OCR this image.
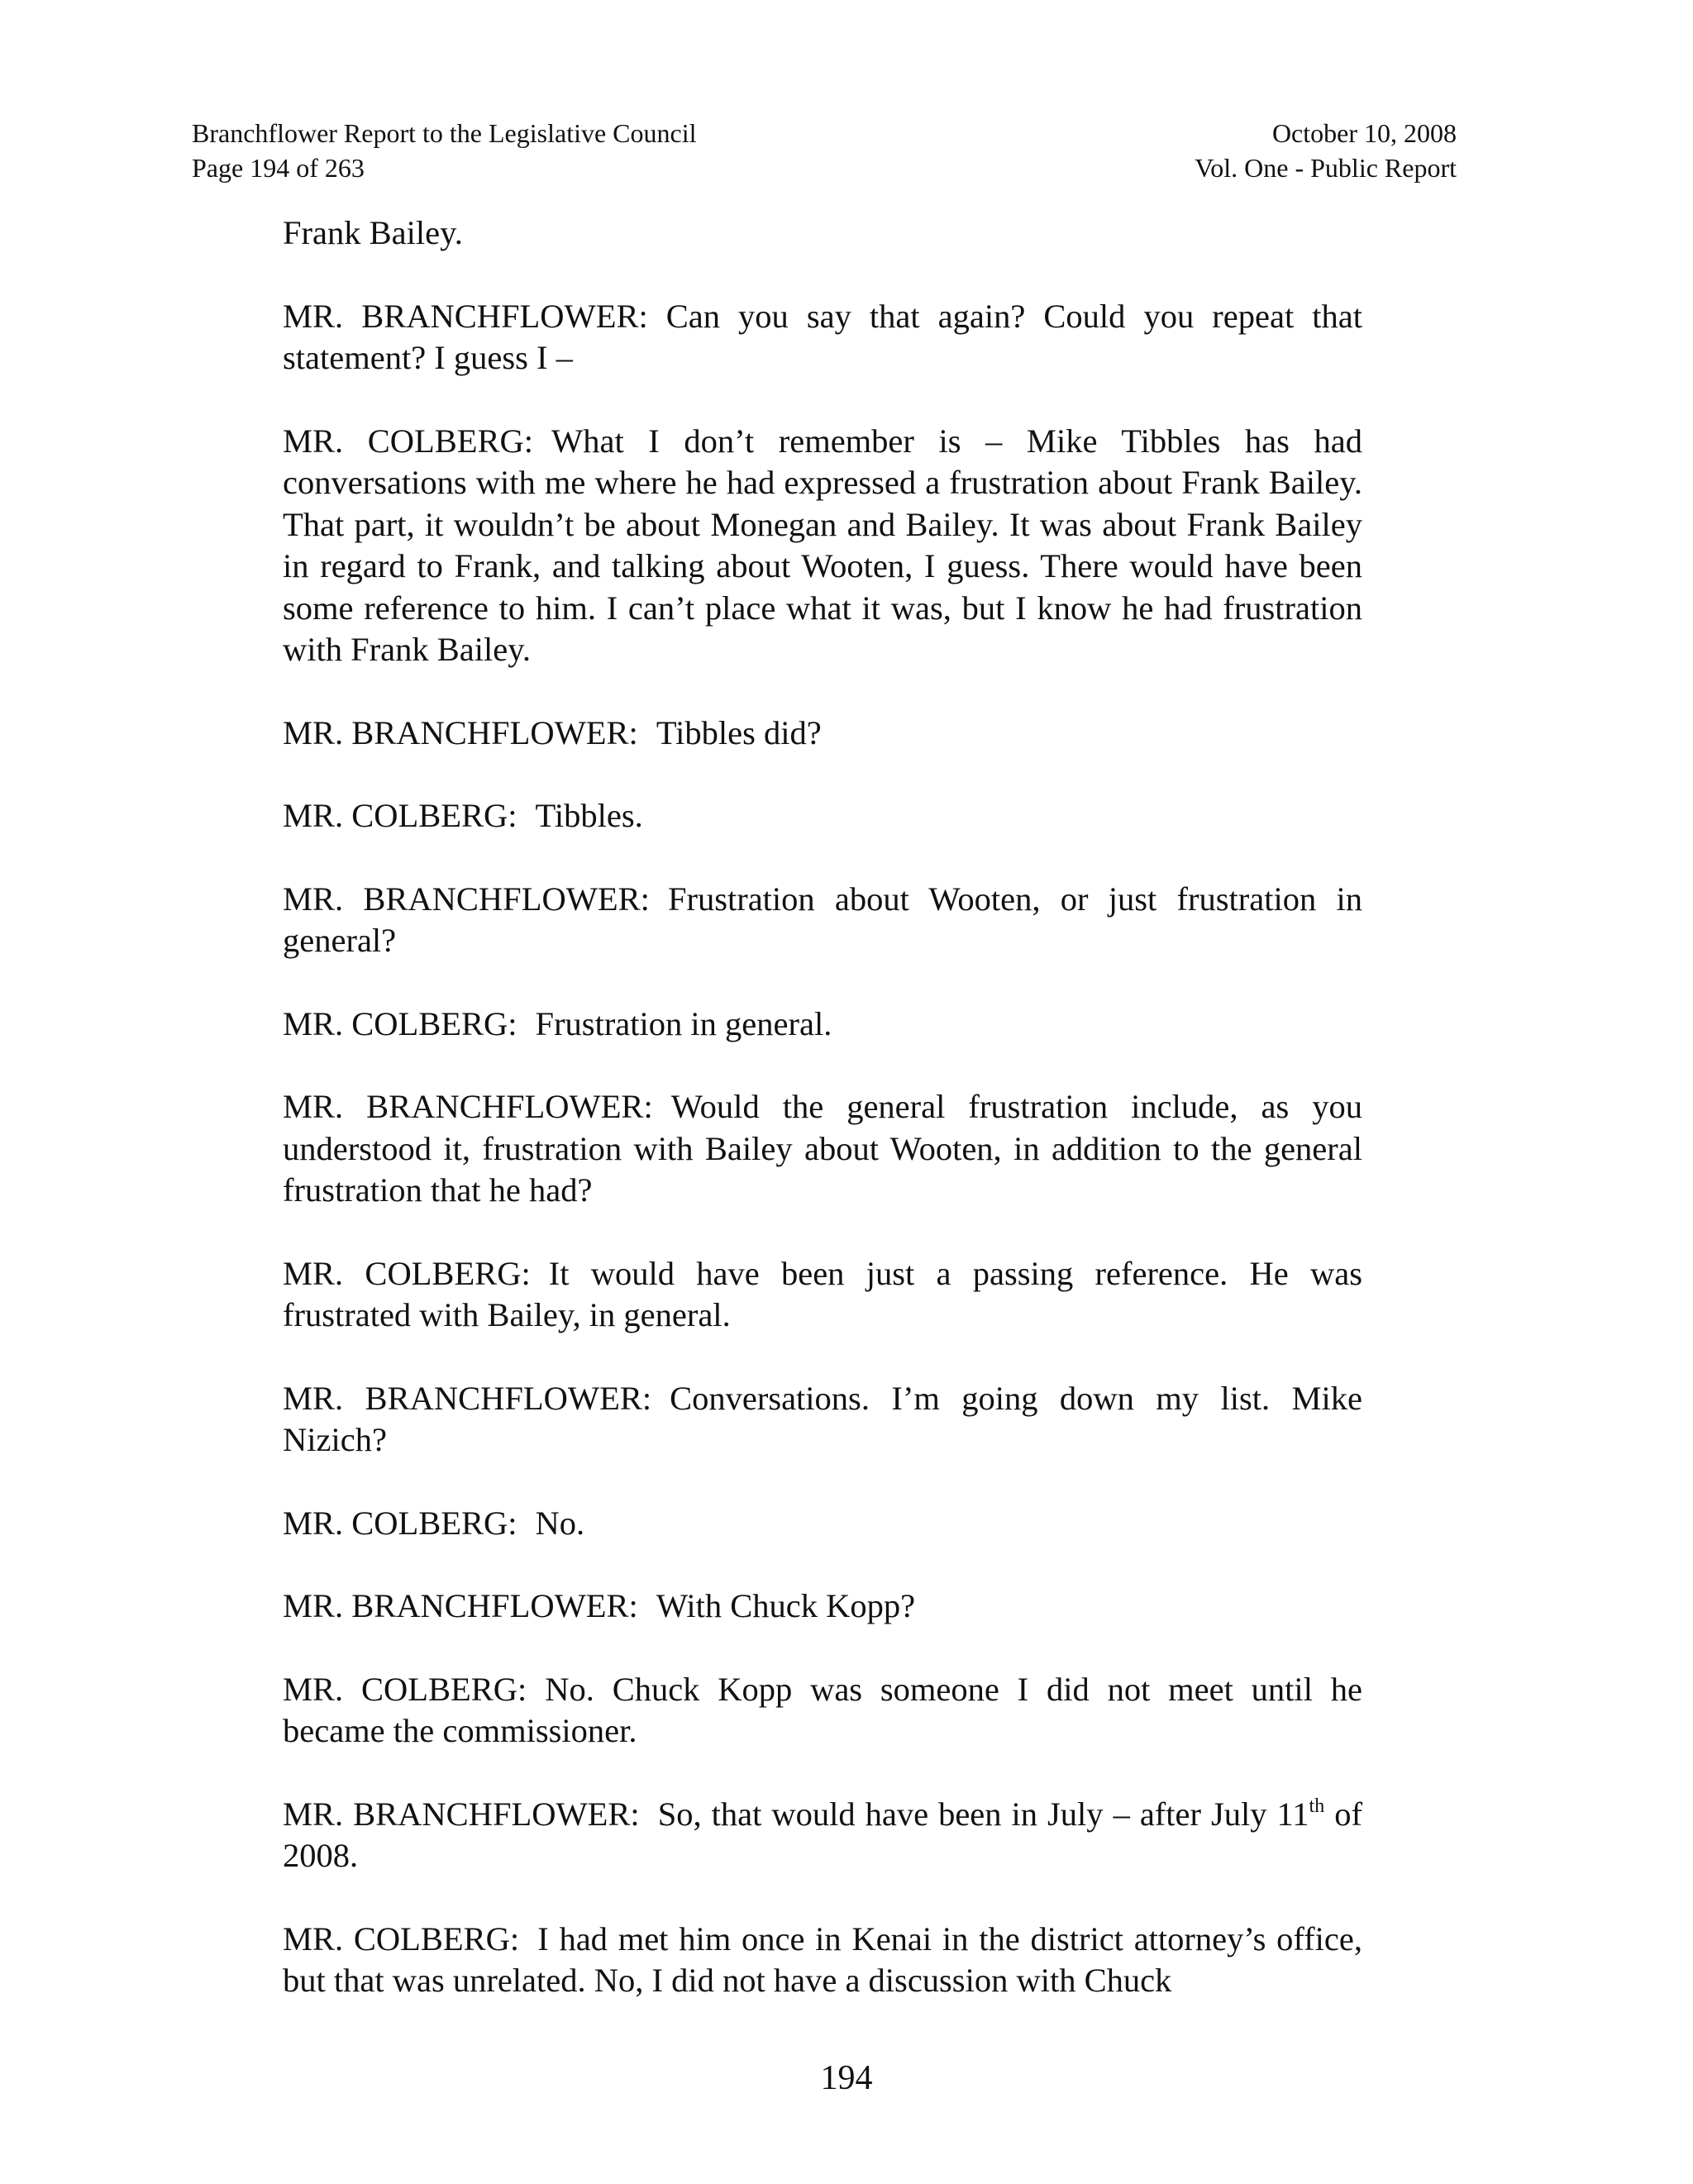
Branchflower Report to the Legislative Council
Page 194 of 263
October 10, 2008
Vol. One - Public Report

Frank Bailey.

MR. BRANCHFLOWER: Can you say that again? Could you repeat that statement? I guess I –

MR. COLBERG: What I don’t remember is – Mike Tibbles has had conversations with me where he had expressed a frustration about Frank Bailey. That part, it wouldn’t be about Monegan and Bailey. It was about Frank Bailey in regard to Frank, and talking about Wooten, I guess. There would have been some reference to him. I can’t place what it was, but I know he had frustration with Frank Bailey.

MR. BRANCHFLOWER: Tibbles did?

MR. COLBERG: Tibbles.

MR. BRANCHFLOWER: Frustration about Wooten, or just frustration in general?

MR. COLBERG: Frustration in general.

MR. BRANCHFLOWER: Would the general frustration include, as you understood it, frustration with Bailey about Wooten, in addition to the general frustration that he had?

MR. COLBERG: It would have been just a passing reference. He was frustrated with Bailey, in general.

MR. BRANCHFLOWER: Conversations. I’m going down my list. Mike Nizich?

MR. COLBERG: No.

MR. BRANCHFLOWER: With Chuck Kopp?

MR. COLBERG: No. Chuck Kopp was someone I did not meet until he became the commissioner.

MR. BRANCHFLOWER: So, that would have been in July – after July 11th of 2008.

MR. COLBERG: I had met him once in Kenai in the district attorney’s office, but that was unrelated. No, I did not have a discussion with Chuck

194
